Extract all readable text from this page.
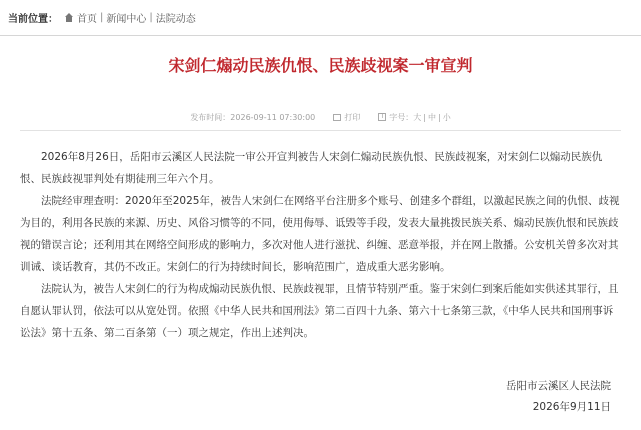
当前位置： 首页 | 新闻中心 | 法院动态
宋剑仁煽动民族仇恨、民族歧视案一审宣判
发布时间：2026-09-11 07:30:00	打印	T 字号： 大 | 中 | 小

2026年8月26日，岳阳市云溪区人民法院一审公开宣判被告人宋剑仁煽动民族仇恨、民族歧视案，对宋剑仁以煽动民族仇恨、民族歧视罪判处有期徒刑三年六个月。

法院经审理查明：2020年至2025年，被告人宋剑仁在网络平台注册多个账号、创建多个群组，以激起民族之间的仇恨、歧视为目的，利用各民族的来源、历史、风俗习惯等的不同，使用侮辱、诋毁等手段，发表大量挑拨民族关系、煽动民族仇恨和民族歧视的错误言论；还利用其在网络空间形成的影响力，多次对他人进行滋扰、纠缠、恶意举报，并在网上散播。公安机关曾多次对其训诫、谈话教育，其仍不改正。宋剑仁的行为持续时间长，影响范围广，造成重大恶劣影响。

法院认为，被告人宋剑仁的行为构成煽动民族仇恨、民族歧视罪，且情节特别严重。鉴于宋剑仁到案后能如实供述其罪行，且自愿认罪认罚，依法可以从宽处罚。依照《中华人民共和国刑法》第二百四十九条、第六十七条第三款，《中华人民共和国刑事诉讼法》第十五条、第二百条第（一）项之规定，作出上述判决。

岳阳市云溪区人民法院
2026年9月11日
